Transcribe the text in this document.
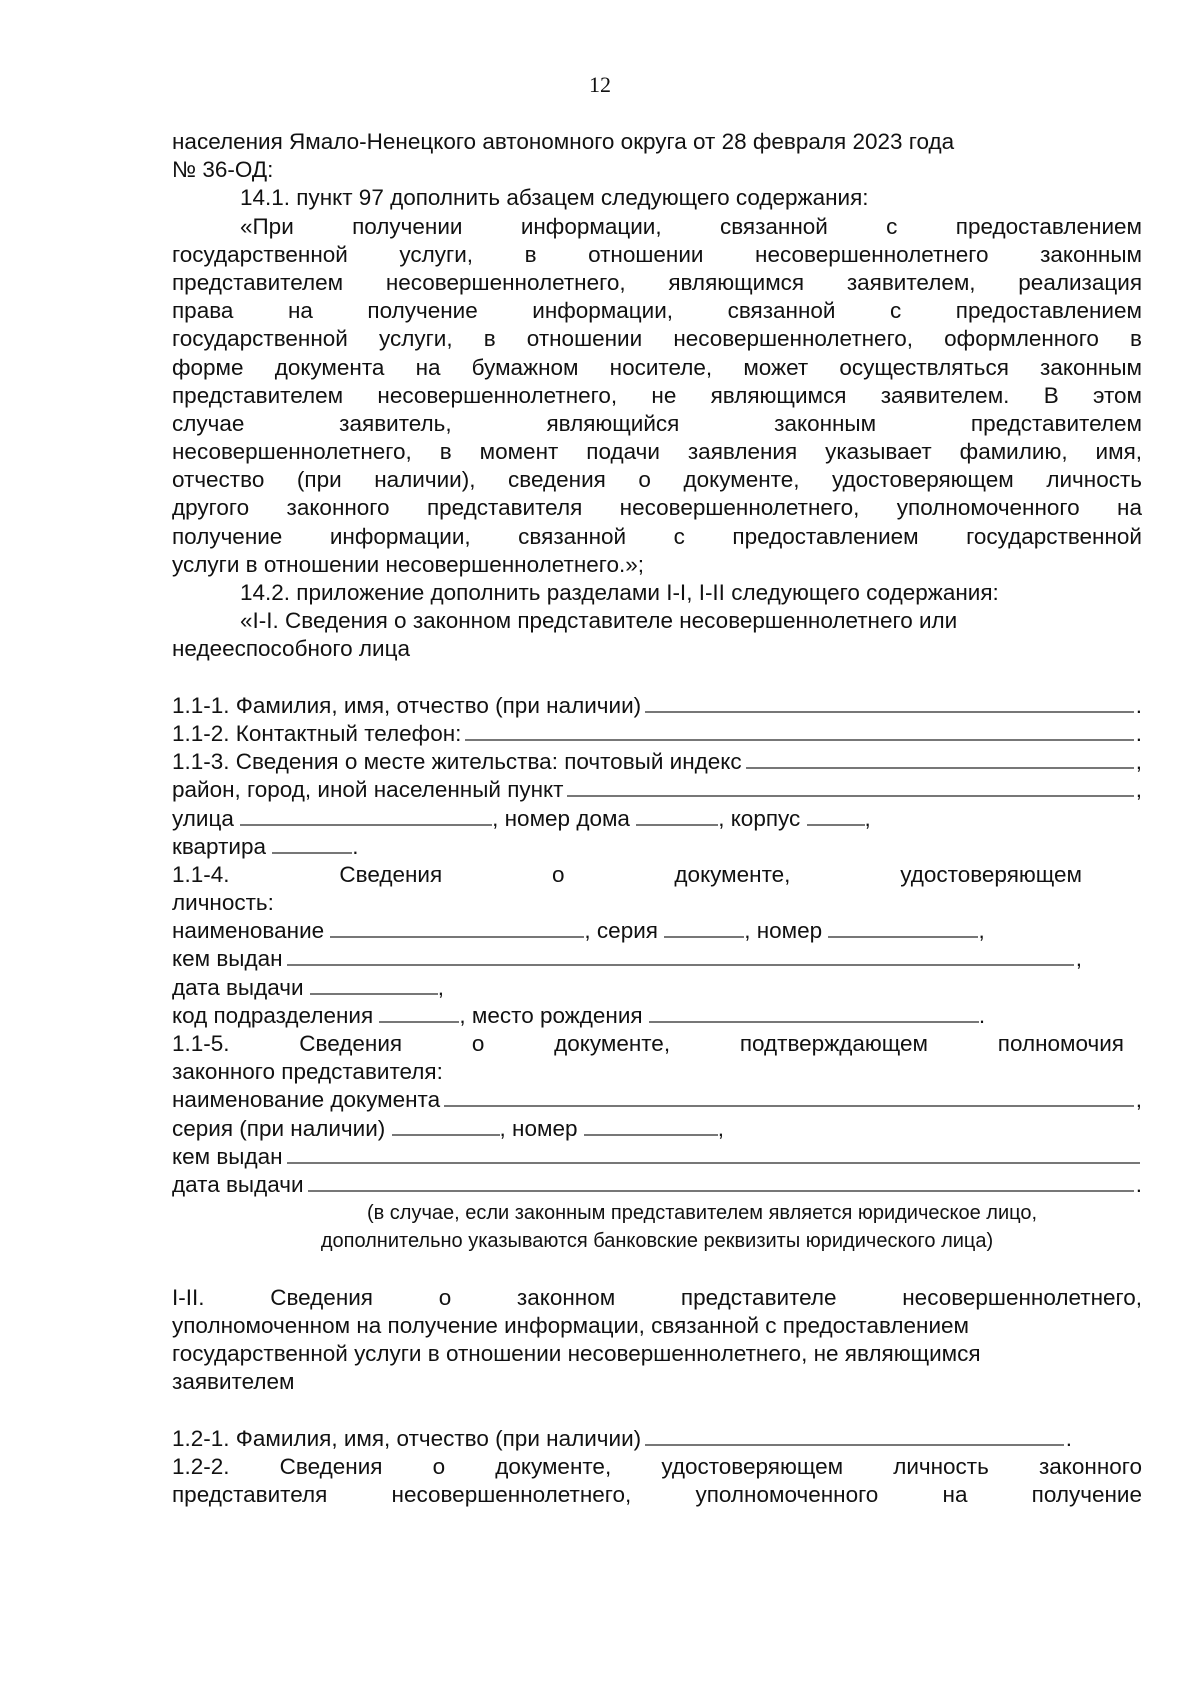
12
населения Ямало-Ненецкого автономного округа от 28 февраля 2023 года
№ 36-ОД:
14.1. пункт 97 дополнить абзацем следующего содержания:
«При получении информации, связанной с предоставлением
государственной услуги, в отношении несовершеннолетнего законным
представителем несовершеннолетнего, являющимся заявителем, реализация
права на получение информации, связанной с предоставлением
государственной услуги, в отношении несовершеннолетнего, оформленного в
форме документа на бумажном носителе, может осуществляться законным
представителем несовершеннолетнего, не являющимся заявителем. В этом
случае заявитель, являющийся законным представителем
несовершеннолетнего, в момент подачи заявления указывает фамилию, имя,
отчество (при наличии), сведения о документе, удостоверяющем личность
другого законного представителя несовершеннолетнего, уполномоченного на
получение информации, связанной с предоставлением государственной
услуги в отношении несовершеннолетнего.»;
14.2. приложение дополнить разделами I-I, I-II следующего содержания:
«I-I. Сведения о законном представителе несовершеннолетнего или
недееспособного лица
1.1-1. Фамилия, имя, отчество (при наличии)	.
1.1-2. Контактный телефон:	.
1.1-3. Сведения о месте жительства: почтовый индекс	,
район, город, иной населенный пункт	,
улица	, номер дома	, корпус	,
квартира	.
1.1-4. Сведения о документе, удостоверяющем
личность:
наименование	, серия	, номер	,
кем выдан	,
дата выдачи	,
код подразделения	, место рождения	.
1.1-5. Сведения о документе, подтверждающем полномочия
законного представителя:
наименование документа	,
серия (при наличии)	, номер	,
кем выдан
дата выдачи	.
(в случае, если законным представителем является юридическое лицо,
дополнительно указываются банковские реквизиты юридического лица)
I-II. Сведения о законном представителе несовершеннолетнего,
уполномоченном на получение информации, связанной с предоставлением
государственной услуги в отношении несовершеннолетнего, не являющимся
заявителем
1.2-1. Фамилия, имя, отчество (при наличии)	.
1.2-2. Сведения о документе, удостоверяющем личность законного
представителя несовершеннолетнего, уполномоченного на получение
